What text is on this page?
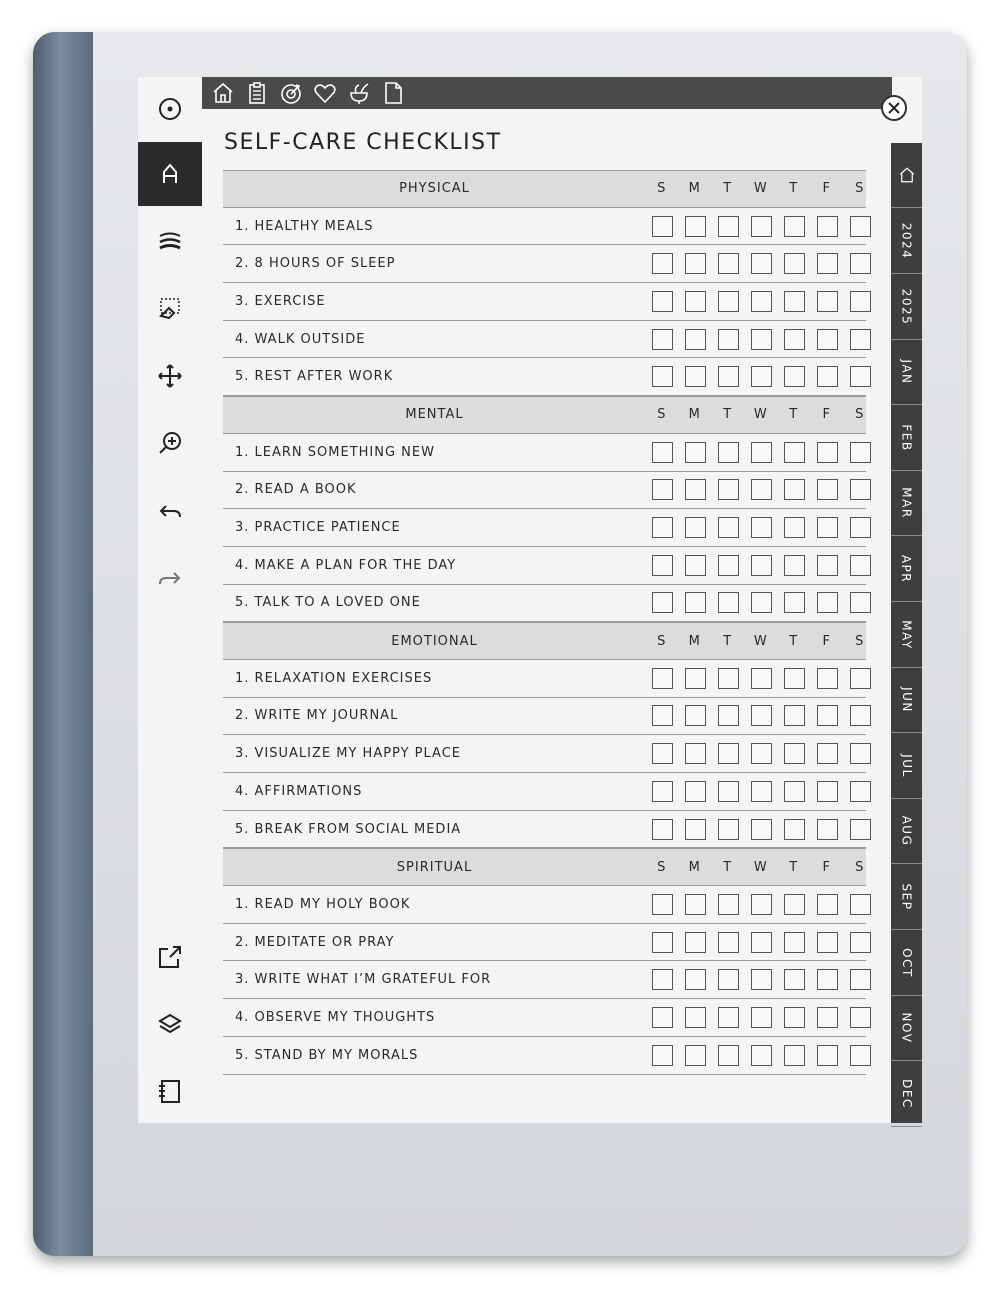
2024
2025
JAN
FEB
MAR
APR
MAY
JUN
JUL
AUG
SEP
OCT
NOV
DEC
SELF-CARE CHECKLIST
PHYSICAL	S	M	T	W	T	F	S
1. HEALTHY MEALS
2. 8 HOURS OF SLEEP
3. EXERCISE
4. WALK OUTSIDE
5. REST AFTER WORK
MENTAL	S	M	T	W	T	F	S
1. LEARN SOMETHING NEW
2. READ A BOOK
3. PRACTICE PATIENCE
4. MAKE A PLAN FOR THE DAY
5. TALK TO A LOVED ONE
EMOTIONAL	S	M	T	W	T	F	S
1. RELAXATION EXERCISES
2. WRITE MY JOURNAL
3. VISUALIZE MY HAPPY PLACE
4. AFFIRMATIONS
5. BREAK FROM SOCIAL MEDIA
SPIRITUAL	S	M	T	W	T	F	S
1. READ MY HOLY BOOK
2. MEDITATE OR PRAY
3. WRITE WHAT I’M GRATEFUL FOR
4. OBSERVE MY THOUGHTS
5. STAND BY MY MORALS
